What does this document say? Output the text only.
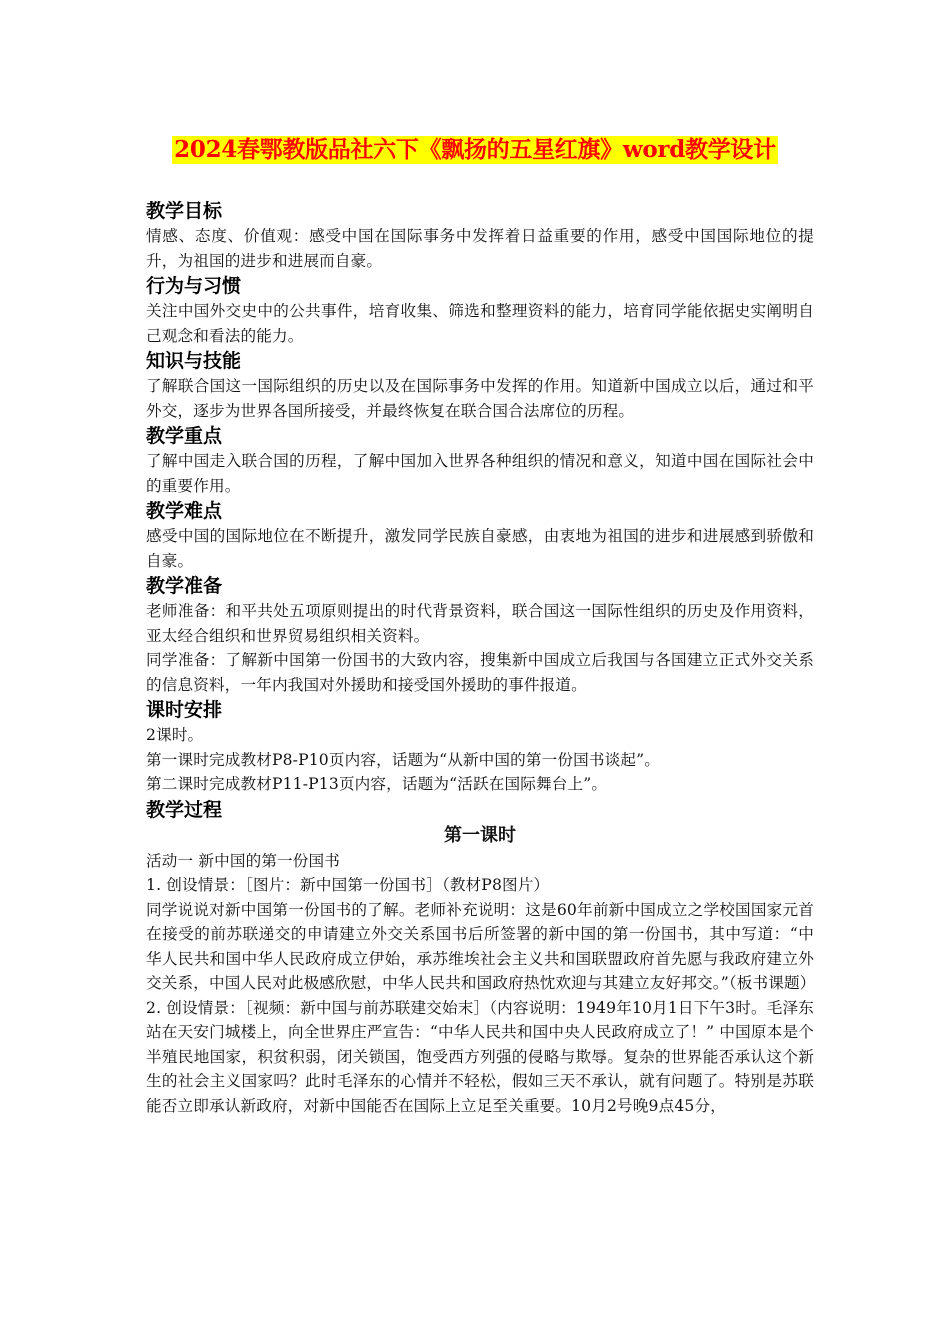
2024春鄂教版品社六下《飘扬的五星红旗》word教学设计
教学目标

情感、态度、价值观：感受中国在国际事务中发挥着日益重要的作用，感受中国国际地位的提升，为祖国的进步和进展而自豪。

行为与习惯

关注中国外交史中的公共事件，培育收集、筛选和整理资料的能力，培育同学能依据史实阐明自己观念和看法的能力。

知识与技能

了解联合国这一国际组织的历史以及在国际事务中发挥的作用。知道新中国成立以后，通过和平外交，逐步为世界各国所接受，并最终恢复在联合国合法席位的历程。

教学重点

了解中国走入联合国的历程，了解中国加入世界各种组织的情况和意义，知道中国在国际社会中的重要作用。

教学难点

感受中国的国际地位在不断提升，激发同学民族自豪感，由衷地为祖国的进步和进展感到骄傲和自豪。

教学准备

老师准备：和平共处五项原则提出的时代背景资料，联合国这一国际性组织的历史及作用资料，亚太经合组织和世界贸易组织相关资料。

同学准备：了解新中国第一份国书的大致内容，搜集新中国成立后我国与各国建立正式外交关系的信息资料，一年内我国对外援助和接受国外援助的事件报道。

课时安排

2课时。

第一课时完成教材P8-P10页内容，话题为“从新中国的第一份国书谈起”。

第二课时完成教材P11-P13页内容，话题为“活跃在国际舞台上”。

教学过程
第一课时

活动一 新中国的第一份国书

1. 创设情景：［图片：新中国第一份国书］（教材P8图片）

同学说说对新中国第一份国书的了解。老师补充说明：这是60年前新中国成立之学校国国家元首在接受的前苏联递交的申请建立外交关系国书后所签署的新中国的第一份国书，其中写道：“中华人民共和国中华人民政府成立伊始，承苏维埃社会主义共和国联盟政府首先愿与我政府建立外交关系，中国人民对此极感欣慰，中华人民共和国政府热忱欢迎与其建立友好邦交。”（板书课题）

2. 创设情景：［视频：新中国与前苏联建交始末］（内容说明：1949年10月1日下午3时。毛泽东站在天安门城楼上，向全世界庄严宣告：“中华人民共和国中央人民政府成立了！” 中国原本是个半殖民地国家，积贫积弱，闭关锁国，饱受西方列强的侵略与欺辱。复杂的世界能否承认这个新生的社会主义国家吗？此时毛泽东的心情并不轻松，假如三天不承认，就有问题了。特别是苏联能否立即承认新政府，对新中国能否在国际上立足至关重要。10月2号晚9点45分，
